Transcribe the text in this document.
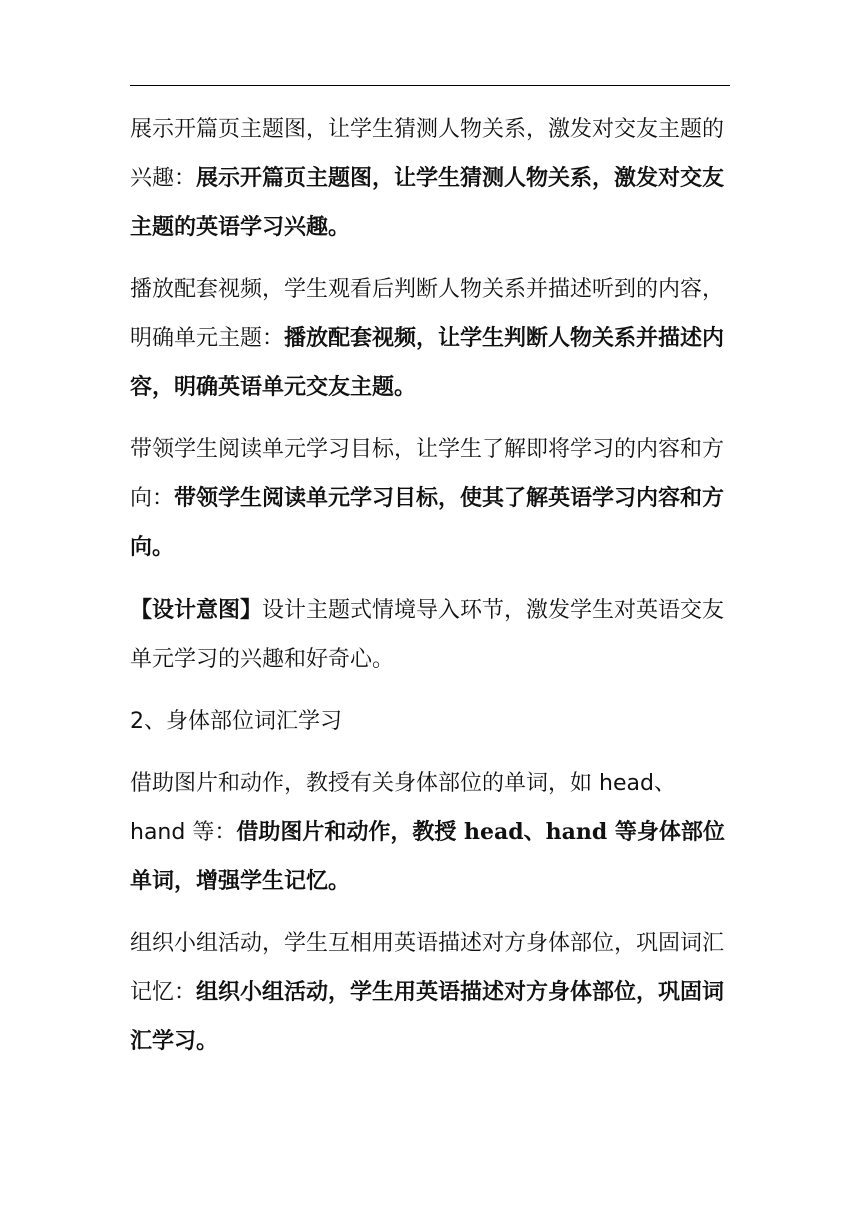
展示开篇页主题图，让学生猜测人物关系，激发对交友主题的兴趣：展示开篇页主题图，让学生猜测人物关系，激发对交友主题的英语学习兴趣。

播放配套视频，学生观看后判断人物关系并描述听到的内容，明确单元主题：播放配套视频，让学生判断人物关系并描述内容，明确英语单元交友主题。

带领学生阅读单元学习目标，让学生了解即将学习的内容和方向：带领学生阅读单元学习目标，使其了解英语学习内容和方向。

【设计意图】设计主题式情境导入环节，激发学生对英语交友单元学习的兴趣和好奇心。

2、身体部位词汇学习

借助图片和动作，教授有关身体部位的单词，如 head、hand 等：借助图片和动作，教授 head、hand 等身体部位单词，增强学生记忆。

组织小组活动，学生互相用英语描述对方身体部位，巩固词汇记忆：组织小组活动，学生用英语描述对方身体部位，巩固词汇学习。
